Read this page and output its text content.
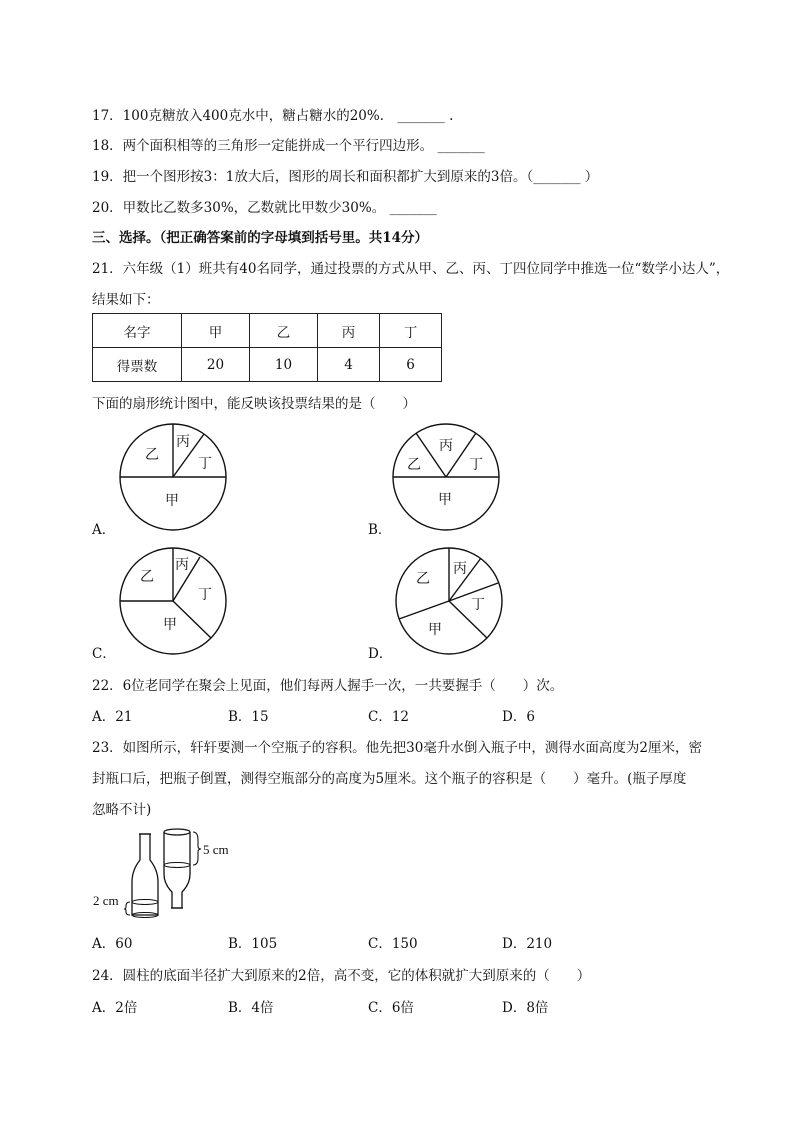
17．100克糖放入400克水中，糖占糖水的20%． _______ .
18．两个面积相等的三角形一定能拼成一个平行四边形。 _______
19．把一个图形按3：1放大后，图形的周长和面积都扩大到原来的3倍。（_______ ）
20．甲数比乙数多30%，乙数就比甲数少30%。 _______
三、选择。（把正确答案前的字母填到括号里。共14分）
21．六年级（1）班共有40名同学，通过投票的方式从甲、乙、丙、丁四位同学中推选一位“数学小达人”，
结果如下：
名字	甲	乙	丙	丁
得票数	20	10	4	6
下面的扇形统计图中，能反映该投票结果的是（　　）
乙
丙
丁
甲
A．
丙
乙	丁
甲
B．
乙
丙
丁
甲
C．
乙
丙
丁
甲
D．
22．6位老同学在聚会上见面，他们每两人握手一次，一共要握手（　　）次。
A．21	B．15	C．12	D．6
23．如图所示，轩轩要测一个空瓶子的容积。他先把30毫升水倒入瓶子中，测得水面高度为2厘米，密
封瓶口后，把瓶子倒置，测得空瓶部分的高度为5厘米。这个瓶子的容积是（　　）毫升。(瓶子厚度
忽略不计)
5 cm
2 cm
A．60	B．105	C．150	D．210
24．圆柱的底面半径扩大到原来的2倍，高不变，它的体积就扩大到原来的（　　）
A．2倍	B．4倍	C．6倍	D．8倍
